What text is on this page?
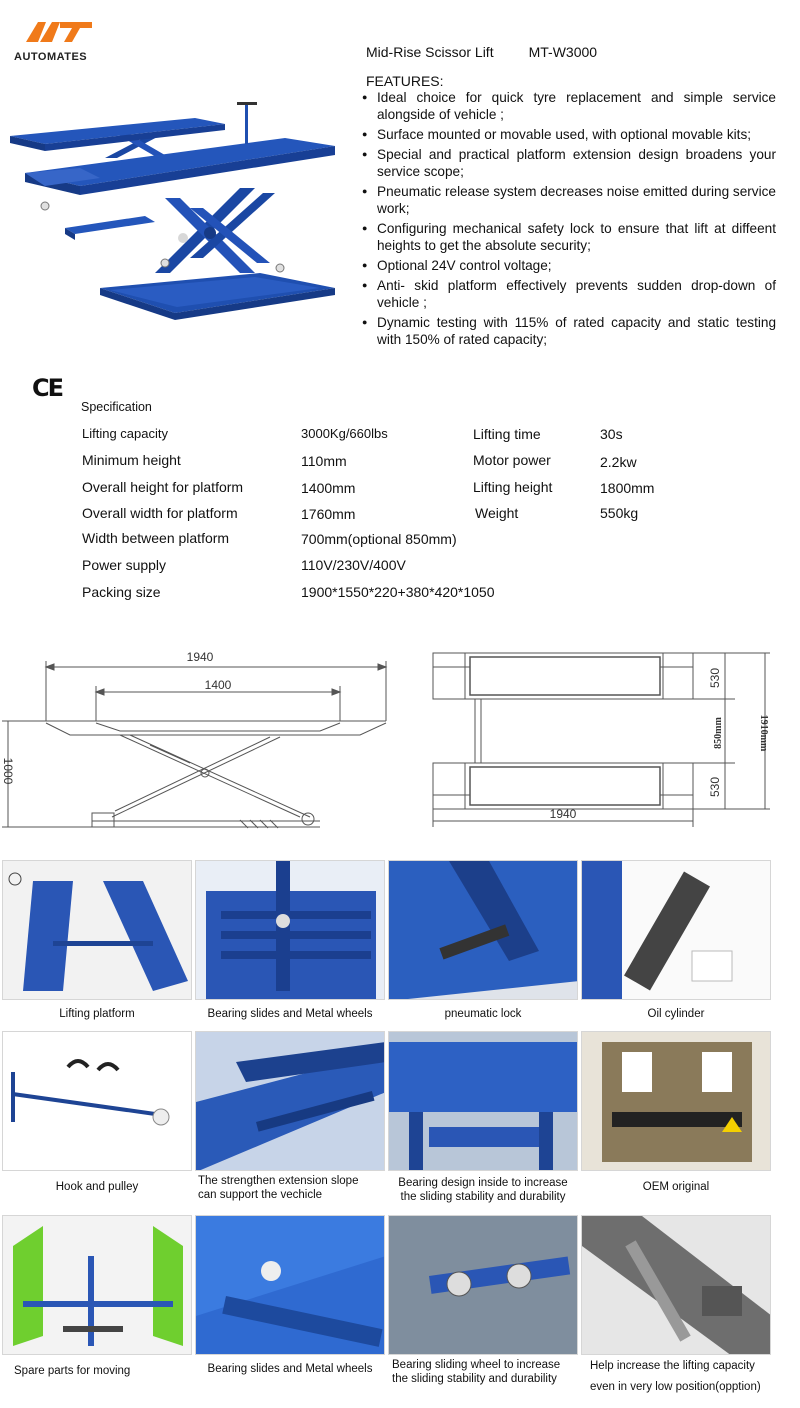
AUTOMATES	Mid-Rise Scissor Lift	MT-W3000
FEATURES:
● Ideal choice for quick tyre replacement and simple service alongside of vehicle ;
● Surface mounted or movable used, with optional movable kits;
● Special and practical platform extension design broadens your service scope;
● Pneumatic release system decreases noise emitted during service work;
● Configuring mechanical safety lock to ensure that lift at diffeent heights to get the absolute security;
● Optional 24V control voltage;
● Anti- skid platform effectively prevents sudden drop-down of vehicle ;
● Dynamic testing with 115% of rated capacity and static testing with 150% of rated capacity;
CE
Specification
Lifting capacity	3000Kg/660lbs	Lifting time	30s
Minimum height	110mm	Motor power	2.2kw
Overall height for platform	1400mm	Lifting height	1800mm
Overall width for platform	1760mm	Weight	550kg
Width between platform	700mm(optional 850mm)
Power supply	110V/230V/400V
Packing size	1900*1550*220+380*420*1050
1940
1400
1000
530
850mm	1910mm
530
1940
Lifting platform	Bearing slides and Metal wheels	pneumatic lock	Oil cylinder
Hook and pulley	The strengthen extension slope can support the vechicle
Bearing design inside to increase the sliding stability and durability
OEM original
Spare parts for moving	Bearing slides and Metal wheels	Bearing sliding wheel to increase the sliding stability and durability
Help increase the lifting capacity even in very low position(opption)
